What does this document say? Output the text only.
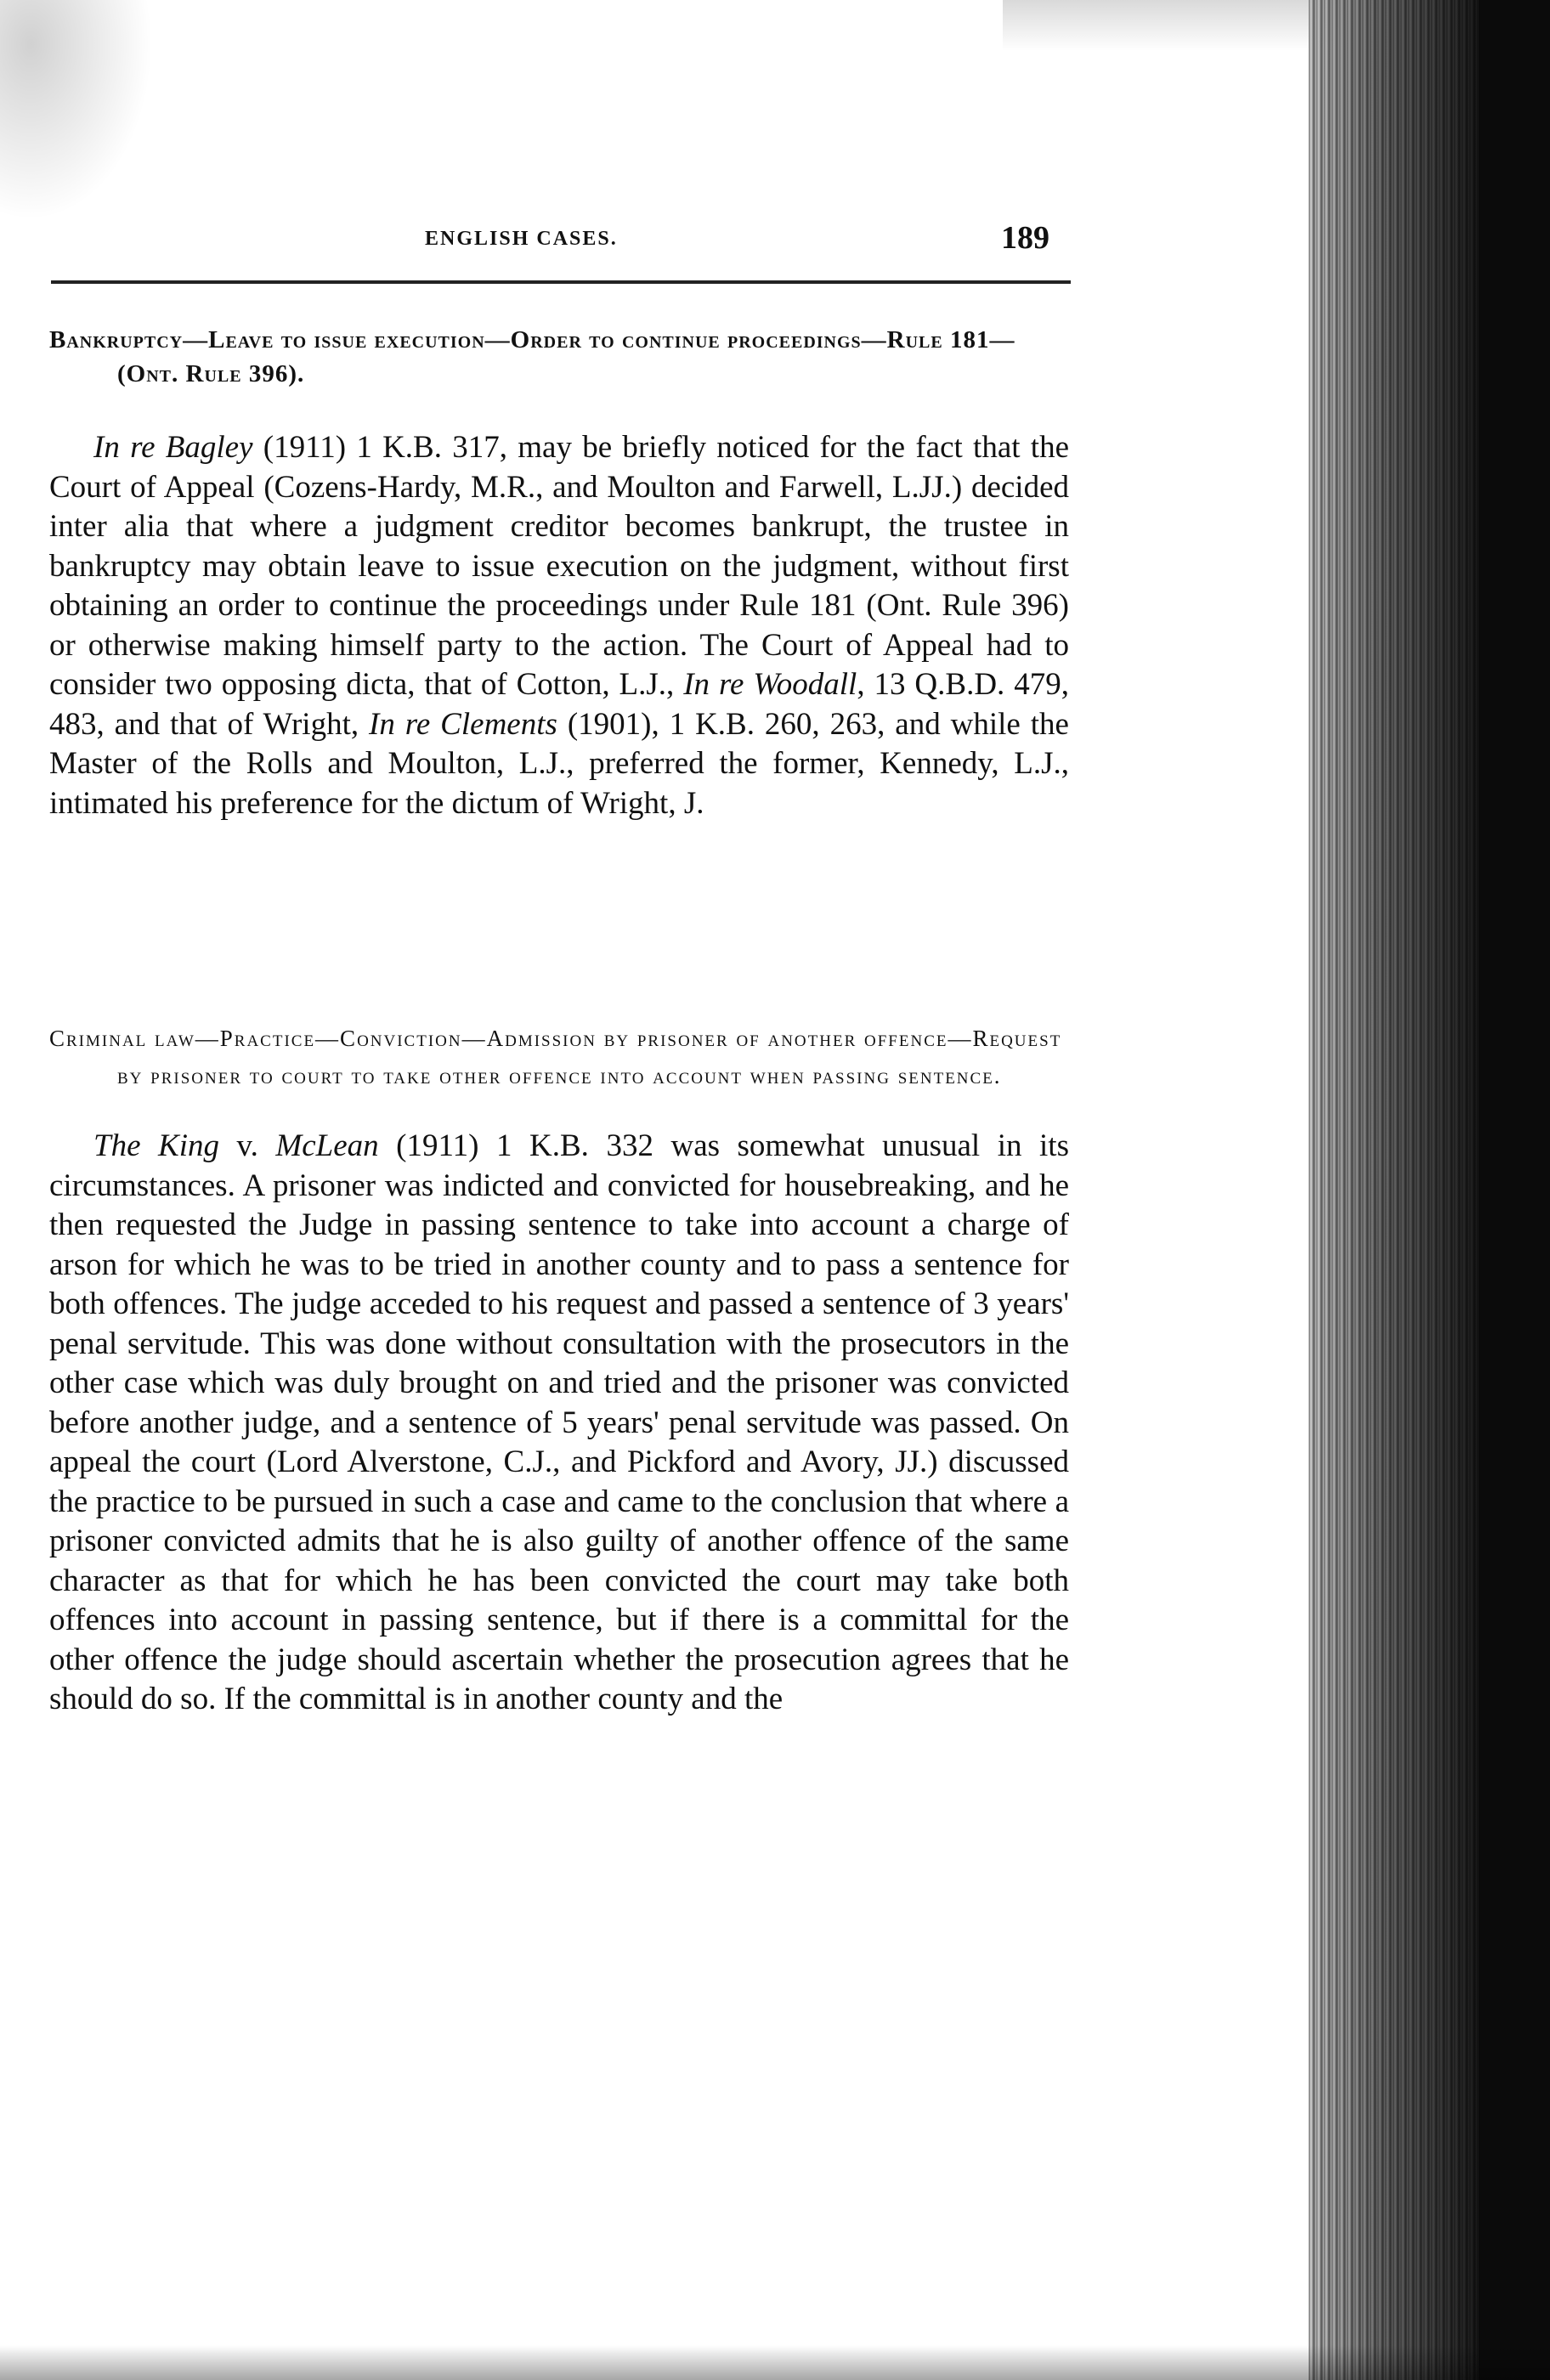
ENGLISH CASES.	189
Bankruptcy—Leave to issue execution—Order to continue proceedings—Rule 181—(Ont. Rule 396).

In re Bagley (1911) 1 K.B. 317, may be briefly noticed for the fact that the Court of Appeal (Cozens-Hardy, M.R., and Moulton and Farwell, L.JJ.) decided inter alia that where a judgment creditor becomes bankrupt, the trustee in bankruptcy may obtain leave to issue execution on the judgment, without first obtaining an order to continue the proceedings under Rule 181 (Ont. Rule 396) or otherwise making himself party to the action. The Court of Appeal had to consider two opposing dicta, that of Cotton, L.J., In re Woodall, 13 Q.B.D. 479, 483, and that of Wright, In re Clements (1901), 1 K.B. 260, 263, and while the Master of the Rolls and Moulton, L.J., preferred the former, Kennedy, L.J., intimated his preference for the dictum of Wright, J.

Criminal law—Practice—Conviction—Admission by prisoner of another offence—Request by prisoner to court to take other offence into account when passing sentence.

The King v. McLean (1911) 1 K.B. 332 was somewhat unusual in its circumstances. A prisoner was indicted and convicted for housebreaking, and he then requested the Judge in passing sentence to take into account a charge of arson for which he was to be tried in another county and to pass a sentence for both offences. The judge acceded to his request and passed a sentence of 3 years' penal servitude. This was done without consultation with the prosecutors in the other case which was duly brought on and tried and the prisoner was convicted before another judge, and a sentence of 5 years' penal servitude was passed. On appeal the court (Lord Alverstone, C.J., and Pickford and Avory, JJ.) discussed the practice to be pursued in such a case and came to the conclusion that where a prisoner convicted admits that he is also guilty of another offence of the same character as that for which he has been convicted the court may take both offences into account in passing sentence, but if there is a committal for the other offence the judge should ascertain whether the prosecution agrees that he should do so. If the committal is in another county and the
